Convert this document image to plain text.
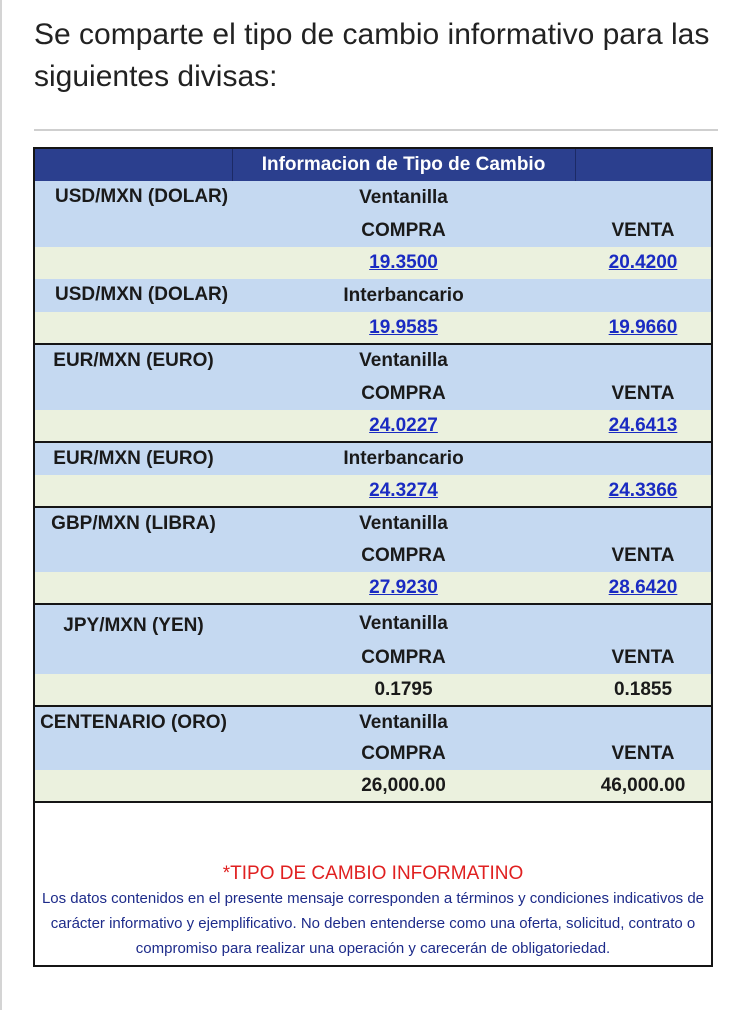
Se comparte el tipo de cambio informativo para las siguientes divisas:

	Informacion de Tipo de Cambio	
USD/MXN (DOLAR)	Ventanilla	
	COMPRA	VENTA
	19.3500	20.4200
USD/MXN (DOLAR)	Interbancario	
	19.9585	19.9660
EUR/MXN (EURO)	Ventanilla	
	COMPRA	VENTA
	24.0227	24.6413
EUR/MXN (EURO)	Interbancario	
	24.3274	24.3366
GBP/MXN (LIBRA)	Ventanilla	
	COMPRA	VENTA
	27.9230	28.6420
JPY/MXN (YEN)	Ventanilla	
	COMPRA	VENTA
	0.1795	0.1855
CENTENARIO (ORO)	Ventanilla	
	COMPRA	VENTA
	26,000.00	46,000.00

*TIPO DE CAMBIO INFORMATINO
Los datos contenidos en el presente mensaje corresponden a términos y condiciones indicativos de carácter informativo y ejemplificativo. No deben entenderse como una oferta, solicitud, contrato o compromiso para realizar una operación y carecerán de obligatoriedad.		
